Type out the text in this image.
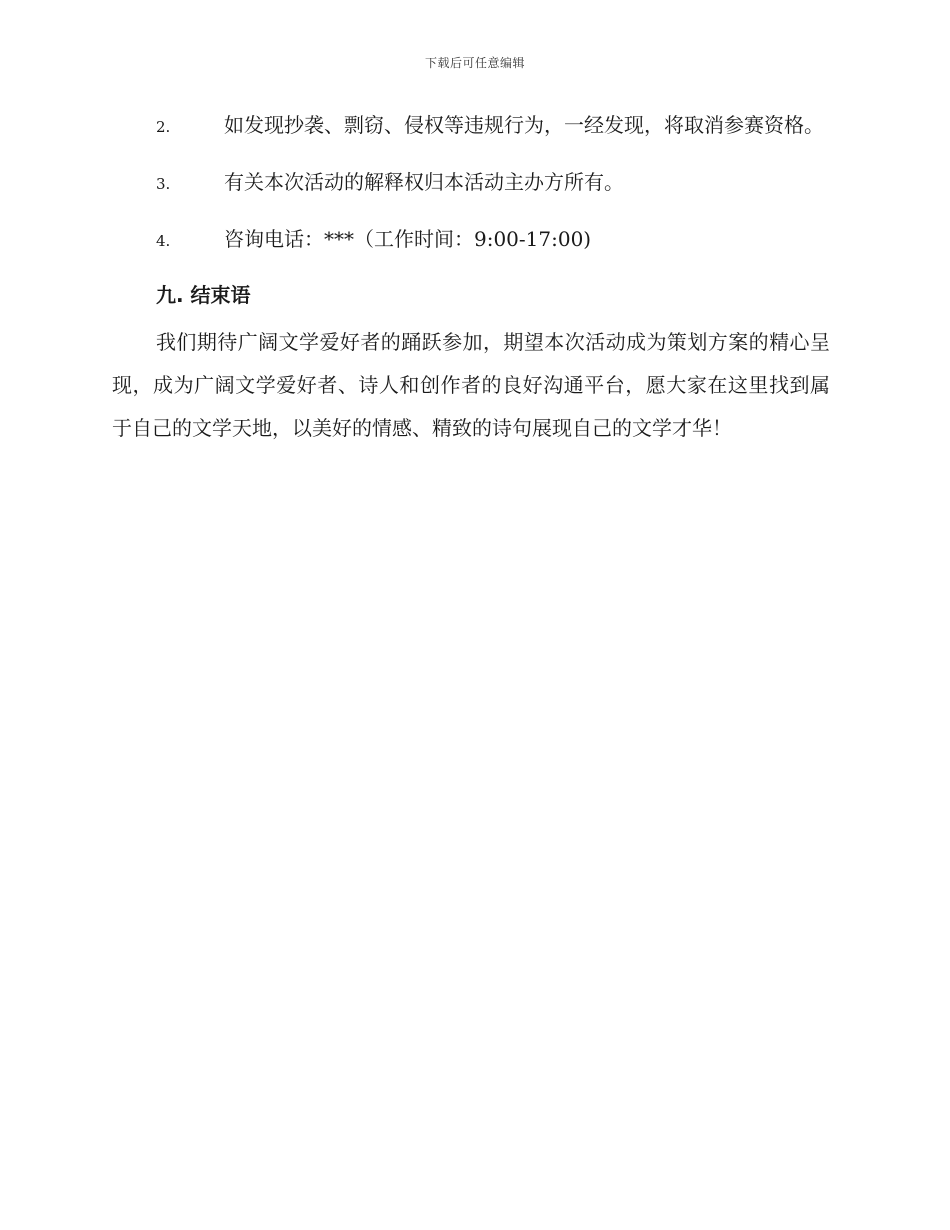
下载后可任意编辑

2.	如发现抄袭、剽窃、侵权等违规行为，一经发现，将取消参赛资格。

3.	有关本次活动的解释权归本活动主办方所有。

4.	咨询电话：***（工作时间：9:00-17:00)

九. 结束语

我们期待广阔文学爱好者的踊跃参加，期望本次活动成为策划方案的精心呈现，成为广阔文学爱好者、诗人和创作者的良好沟通平台，愿大家在这里找到属于自己的文学天地，以美好的情感、精致的诗句展现自己的文学才华！
